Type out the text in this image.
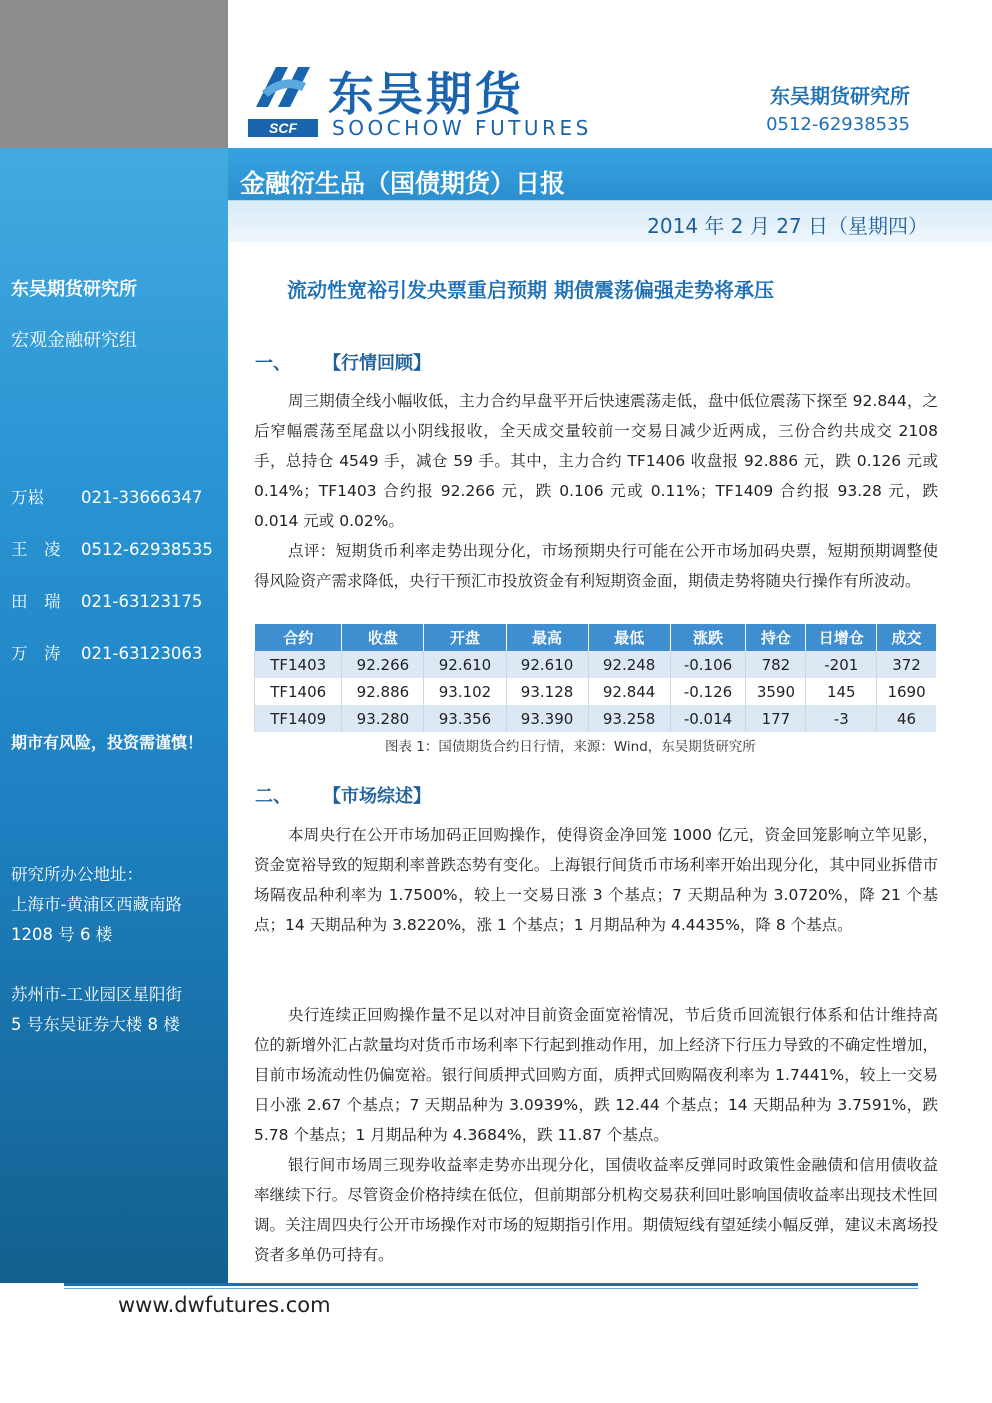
东吴期货研究所
宏观金融研究组
万崧 021-33666347
王　凌 0512-62938535
田　瑞 021-63123175
万　涛 021-63123063
期市有风险，投资需谨慎！
研究所办公地址：
上海市-黄浦区西藏南路
1208 号 6 楼
苏州市-工业园区星阳街
5 号东吴证券大楼 8 楼
SCF
东吴期货
SOOCHOW FUTURES
东吴期货研究所
0512-62938535
金融衍生品（国债期货）日报
2014 年 2 月 27 日（星期四）
流动性宽裕引发央票重启预期 期债震荡偏强走势将承压
一、 【行情回顾】
周三期债全线小幅收低，主力合约早盘平开后快速震荡走低，盘中低位震荡下探至 92.844，之后窄幅震荡至尾盘以小阴线报收，全天成交量较前一交易日减少近两成，三份合约共成交 2108 手，总持仓 4549 手，减仓 59 手。其中，主力合约 TF1406 收盘报 92.886 元，跌 0.126 元或 0.14%；TF1403 合约报 92.266 元，跌 0.106 元或 0.11%；TF1409 合约报 93.28 元，跌 0.014 元或 0.02%。
点评：短期货币利率走势出现分化，市场预期央行可能在公开市场加码央票，短期预期调整使得风险资产需求降低，央行干预汇市投放资金有利短期资金面，期债走势将随央行操作有所波动。
合约	收盘	开盘	最高	最低	涨跌	持仓	日增仓	成交
TF1403	92.266	92.610	92.610	92.248	-0.106	782	-201	372
TF1406	92.886	93.102	93.128	92.844	-0.126	3590	145	1690
TF1409	93.280	93.356	93.390	93.258	-0.014	177	-3	46
图表 1：国债期货合约日行情，来源：Wind，东吴期货研究所
二、 【市场综述】
本周央行在公开市场加码正回购操作，使得资金净回笼 1000 亿元，资金回笼影响立竿见影，资金宽裕导致的短期利率普跌态势有变化。上海银行间货币市场利率开始出现分化，其中同业拆借市场隔夜品种利率为 1.7500%，较上一交易日涨 3 个基点；7 天期品种为 3.0720%，降 21 个基点；14 天期品种为 3.8220%，涨 1 个基点；1 月期品种为 4.4435%，降 8 个基点。
央行连续正回购操作量不足以对冲目前资金面宽裕情况，节后货币回流银行体系和估计维持高位的新增外汇占款量均对货币市场利率下行起到推动作用，加上经济下行压力导致的不确定性增加，目前市场流动性仍偏宽裕。银行间质押式回购方面，质押式回购隔夜利率为 1.7441%，较上一交易日小涨 2.67 个基点；7 天期品种为 3.0939%，跌 12.44 个基点；14 天期品种为 3.7591%，跌 5.78 个基点；1 月期品种为 4.3684%，跌 11.87 个基点。
银行间市场周三现券收益率走势亦出现分化，国债收益率反弹同时政策性金融债和信用债收益率继续下行。尽管资金价格持续在低位，但前期部分机构交易获利回吐影响国债收益率出现技术性回调。关注周四央行公开市场操作对市场的短期指引作用。期债短线有望延续小幅反弹，建议未离场投资者多单仍可持有。
www.dwfutures.com
